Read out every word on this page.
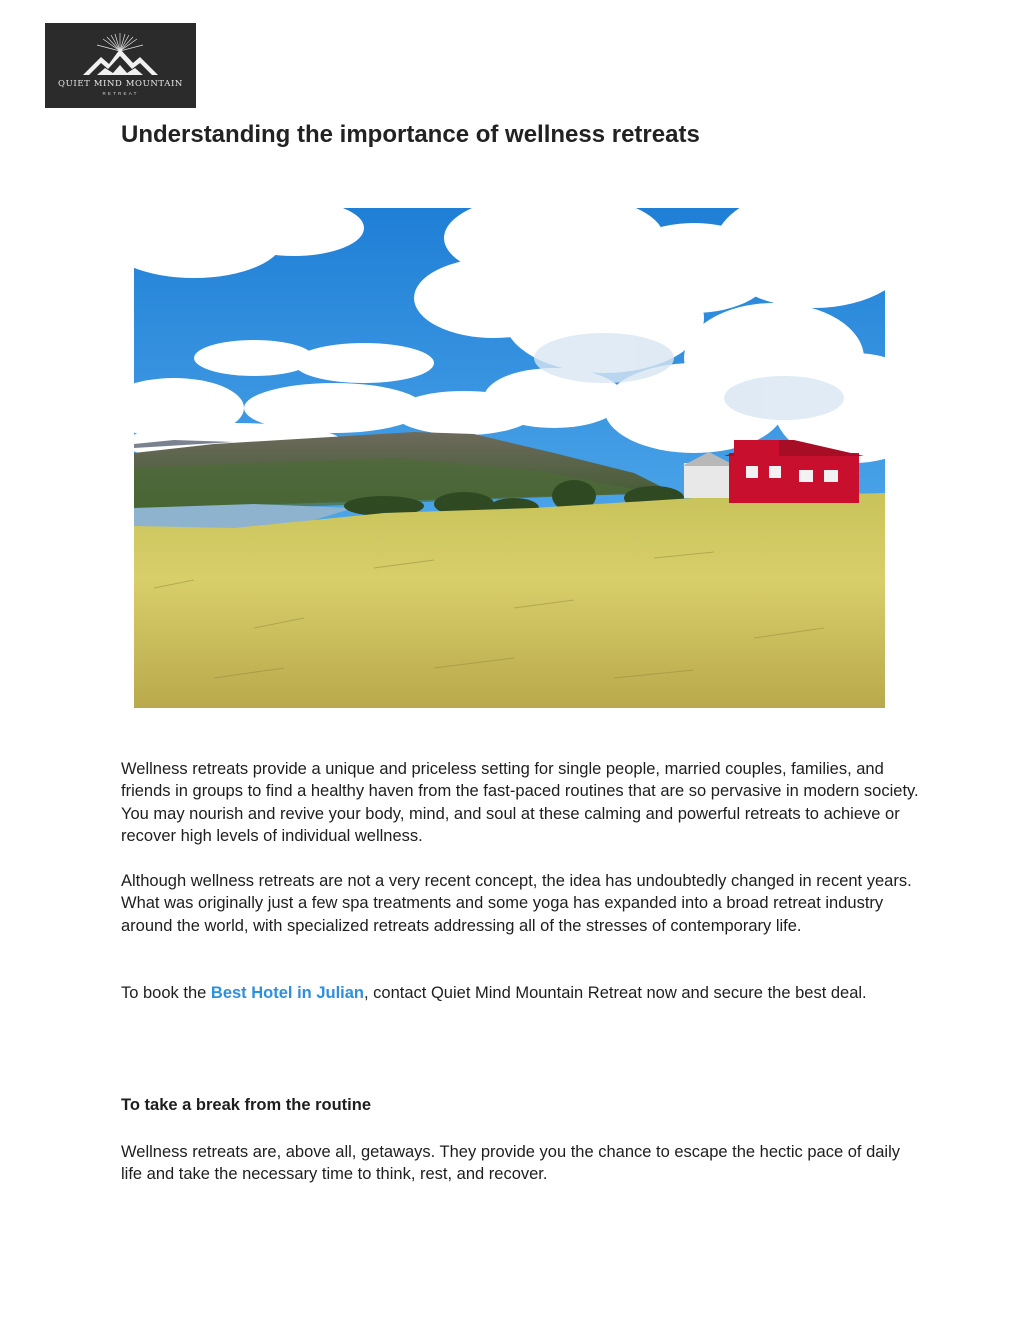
QUIET MIND MOUNTAIN
RETREAT
Understanding the importance of wellness retreats

Wellness retreats provide a unique and priceless setting for single people, married couples, families, and friends in groups to find a healthy haven from the fast-paced routines that are so pervasive in modern society. You may nourish and revive your body, mind, and soul at these calming and powerful retreats to achieve or recover high levels of individual wellness.

Although wellness retreats are not a very recent concept, the idea has undoubtedly changed in recent years. What was originally just a few spa treatments and some yoga has expanded into a broad retreat industry around the world, with specialized retreats addressing all of the stresses of contemporary life.

To book the Best Hotel in Julian, contact Quiet Mind Mountain Retreat now and secure the best deal.

To take a break from the routine

Wellness retreats are, above all, getaways. They provide you the chance to escape the hectic pace of daily life and take the necessary time to think, rest, and recover.
